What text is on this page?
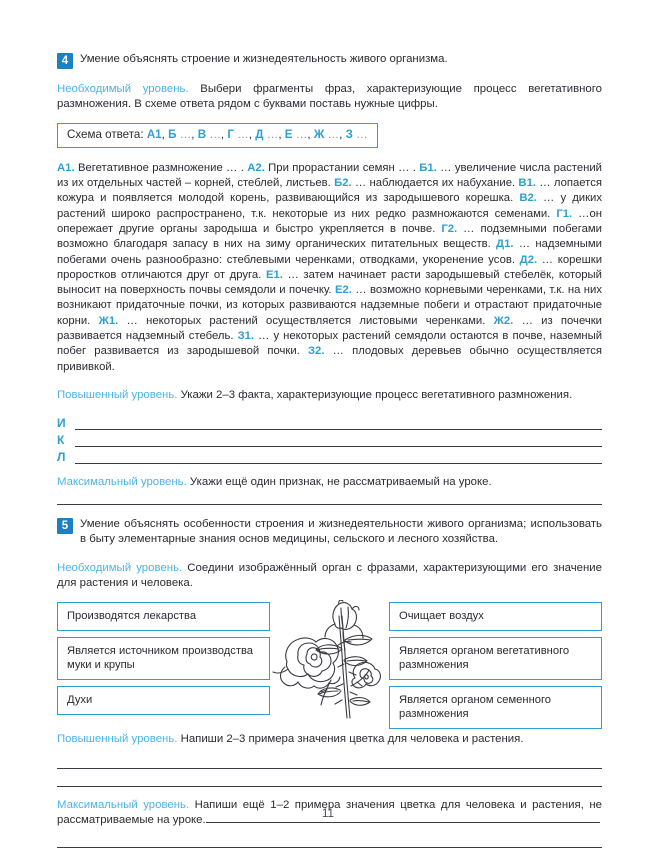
4	Умение объяснять строение и жизнедеятельность живого организма.
Необходимый уровень. Выбери фрагменты фраз, характеризующие процесс вегетативного размножения. В схеме ответа рядом с буквами поставь нужные цифры.
Схема ответа: А1, Б …, В …, Г …, Д …, Е …, Ж …, З …
А1. Вегетативное размножение … . А2. При прорастании семян … . Б1. … увеличение числа растений из их отдельных частей – корней, стеблей, листьев. Б2. … наблюдается их набухание. В1. … лопается кожура и появляется молодой корень, развивающийся из зародышевого корешка. В2. … у диких растений широко распространено, т.к. некоторые из них редко размножаются семенами. Г1. …он опережает другие органы зародыша и быстро укрепляется в почве. Г2. … подземными побегами возможно благодаря запасу в них на зиму органических питательных веществ. Д1. … надземными побегами очень разнообразно: стеблевыми черенками, отводками, укоренение усов. Д2. … корешки проростков отличаются друг от друга. Е1. … затем начинает расти зародышевый стебелёк, который выносит на поверхность почвы семядоли и почечку. Е2. … возможно корневыми черенками, т.к. на них возникают придаточные почки, из которых развиваются надземные побеги и отрастают придаточные корни. Ж1. … некоторых растений осуществляется листовыми черенками. Ж2. … из почечки развивается надземный стебель. З1. … у некоторых растений семядоли остаются в почве, наземный побег развивается из зародышевой почки. З2. … плодовых деревьев обычно осуществляется прививкой.
Повышенный уровень. Укажи 2–3 факта, характеризующие процесс вегетативного размножения.
И
К
Л
Максимальный уровень. Укажи ещё один признак, не рассматриваемый на уроке.
5	Умение объяснять особенности строения и жизнедеятельности живого организма; использовать в быту элементарные знания основ медицины, сельского и лесного хозяйства.
Необходимый уровень. Соедини изображённый орган с фразами, характеризующими его значение для растения и человека.
Производятся лекарства
Является источником производства муки и крупы
Духи
Очищает воздух
Является органом вегетативного размножения
Является органом семенного размножения
Повышенный уровень. Напиши 2–3 примера значения цветка для человека и растения.
Максимальный уровень. Напиши ещё 1–2 примера значения цветка для человека и растения, не рассматриваемые на уроке.
11
